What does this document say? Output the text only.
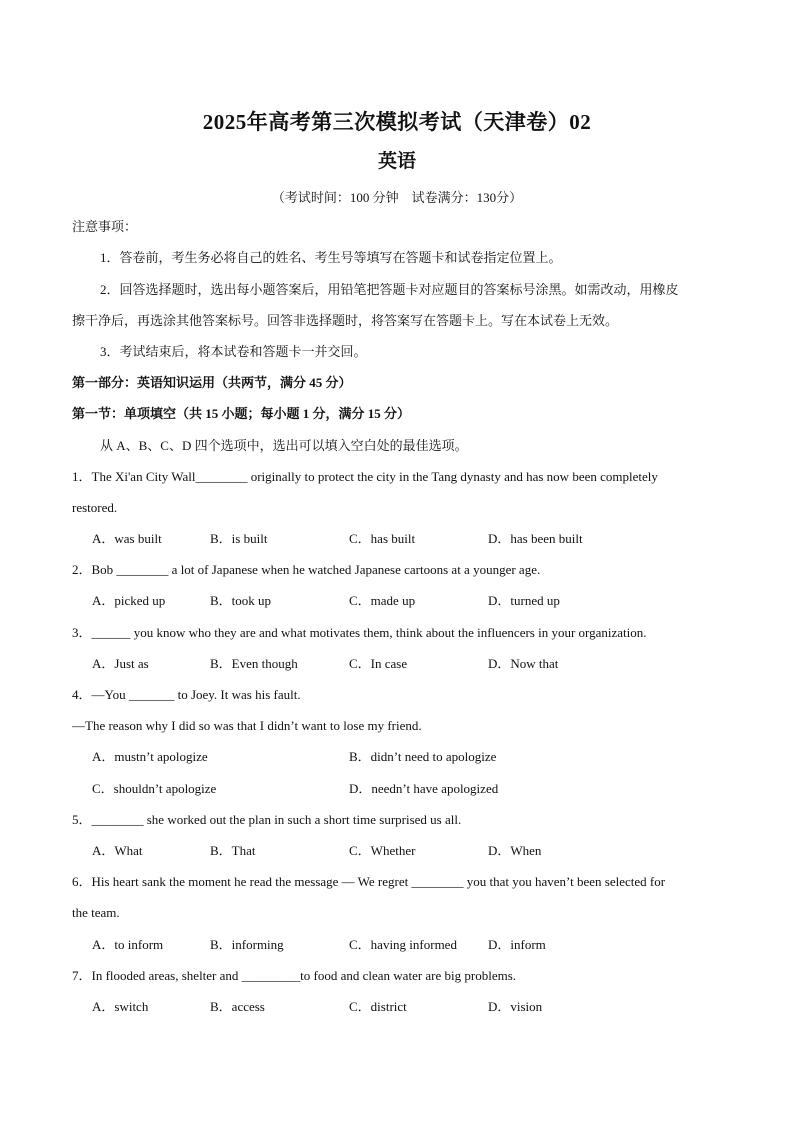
2025年高考第三次模拟考试（天津卷）02
英语
（考试时间：100 分钟　试卷满分：130分）
注意事项：
1．答卷前，考生务必将自己的姓名、考生号等填写在答题卡和试卷指定位置上。
2．回答选择题时，选出每小题答案后，用铅笔把答题卡对应题目的答案标号涂黑。如需改动，用橡皮
擦干净后，再选涂其他答案标号。回答非选择题时，将答案写在答题卡上。写在本试卷上无效。
3．考试结束后，将本试卷和答题卡一并交回。
第一部分：英语知识运用（共两节，满分 45 分）
第一节：单项填空（共 15 小题；每小题 1 分，满分 15 分）
从 A、B、C、D 四个选项中，选出可以填入空白处的最佳选项。
1．The Xi'an City Wall________ originally to protect the city in the Tang dynasty and has now been completely
restored.
A．was built	B．is built	C．has built	D．has been built
2．Bob ________ a lot of Japanese when he watched Japanese cartoons at a younger age.
A．picked up	B．took up	C．made up	D．turned up
3．______ you know who they are and what motivates them, think about the influencers in your organization.
A．Just as	B．Even though	C．In case	D．Now that
4．—You _______ to Joey. It was his fault.
—The reason why I did so was that I didn’t want to lose my friend.
A．mustn’t apologize	B．didn’t need to apologize
C．shouldn’t apologize	D．needn’t have apologized
5．________ she worked out the plan in such a short time surprised us all.
A．What	B．That	C．Whether	D．When
6．His heart sank the moment he read the message — We regret ________ you that you haven’t been selected for
the team.
A．to inform	B．informing	C．having informed D．inform
7．In flooded areas, shelter and _________to food and clean water are big problems.
A．switch	B．access	C．district	D．vision
